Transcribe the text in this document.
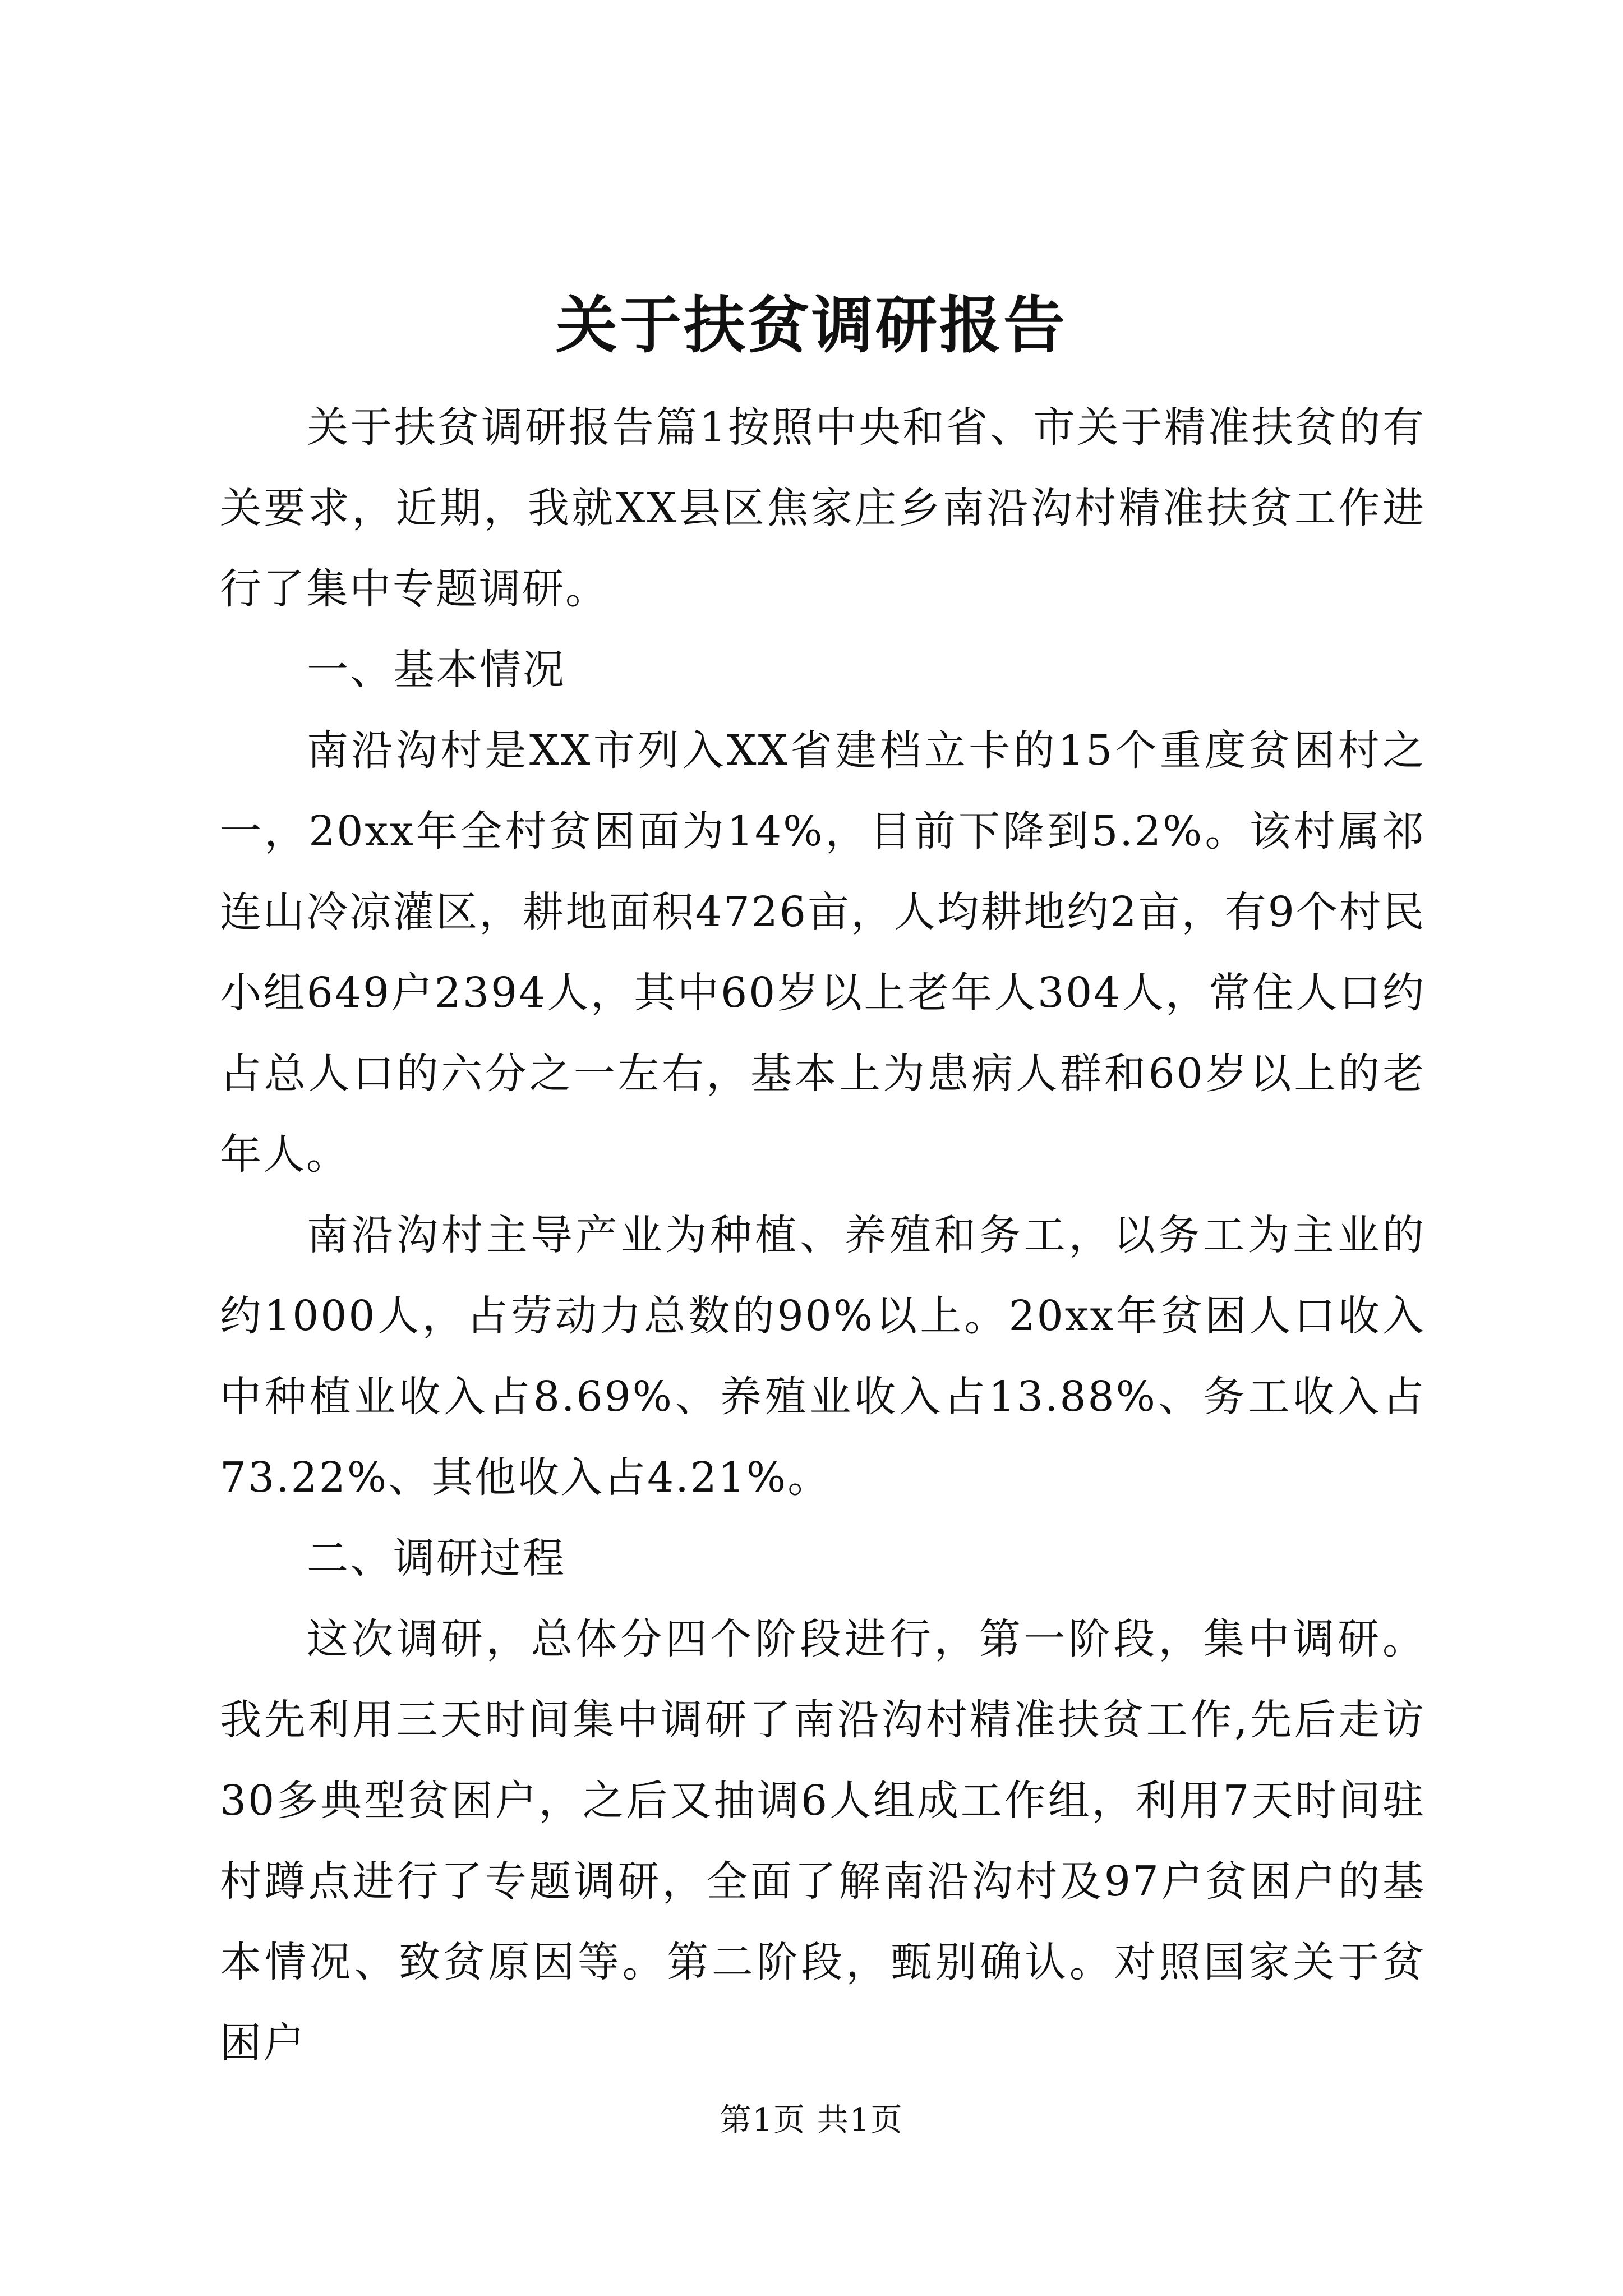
关于扶贫调研报告

关于扶贫调研报告篇1按照中央和省、市关于精准扶贫的有关要求，近期，我就XX县区焦家庄乡南沿沟村精准扶贫工作进行了集中专题调研。

一、基本情况

南沿沟村是XX市列入XX省建档立卡的15个重度贫困村之一，20xx年全村贫困面为14%，目前下降到5.2%。该村属祁连山冷凉灌区，耕地面积4726亩，人均耕地约2亩，有9个村民小组649户2394人，其中60岁以上老年人304人，常住人口约占总人口的六分之一左右，基本上为患病人群和60岁以上的老年人。

南沿沟村主导产业为种植、养殖和务工，以务工为主业的约1000人，占劳动力总数的90%以上。20xx年贫困人口收入中种植业收入占8.69%、养殖业收入占13.88%、务工收入占73.22%、其他收入占4.21%。

二、调研过程

这次调研，总体分四个阶段进行，第一阶段，集中调研。我先利用三天时间集中调研了南沿沟村精准扶贫工作,先后走访30多典型贫困户，之后又抽调6人组成工作组，利用7天时间驻村蹲点进行了专题调研，全面了解南沿沟村及97户贫困户的基本情况、致贫原因等。第二阶段，甄别确认。对照国家关于贫困户

第1页 共1页
